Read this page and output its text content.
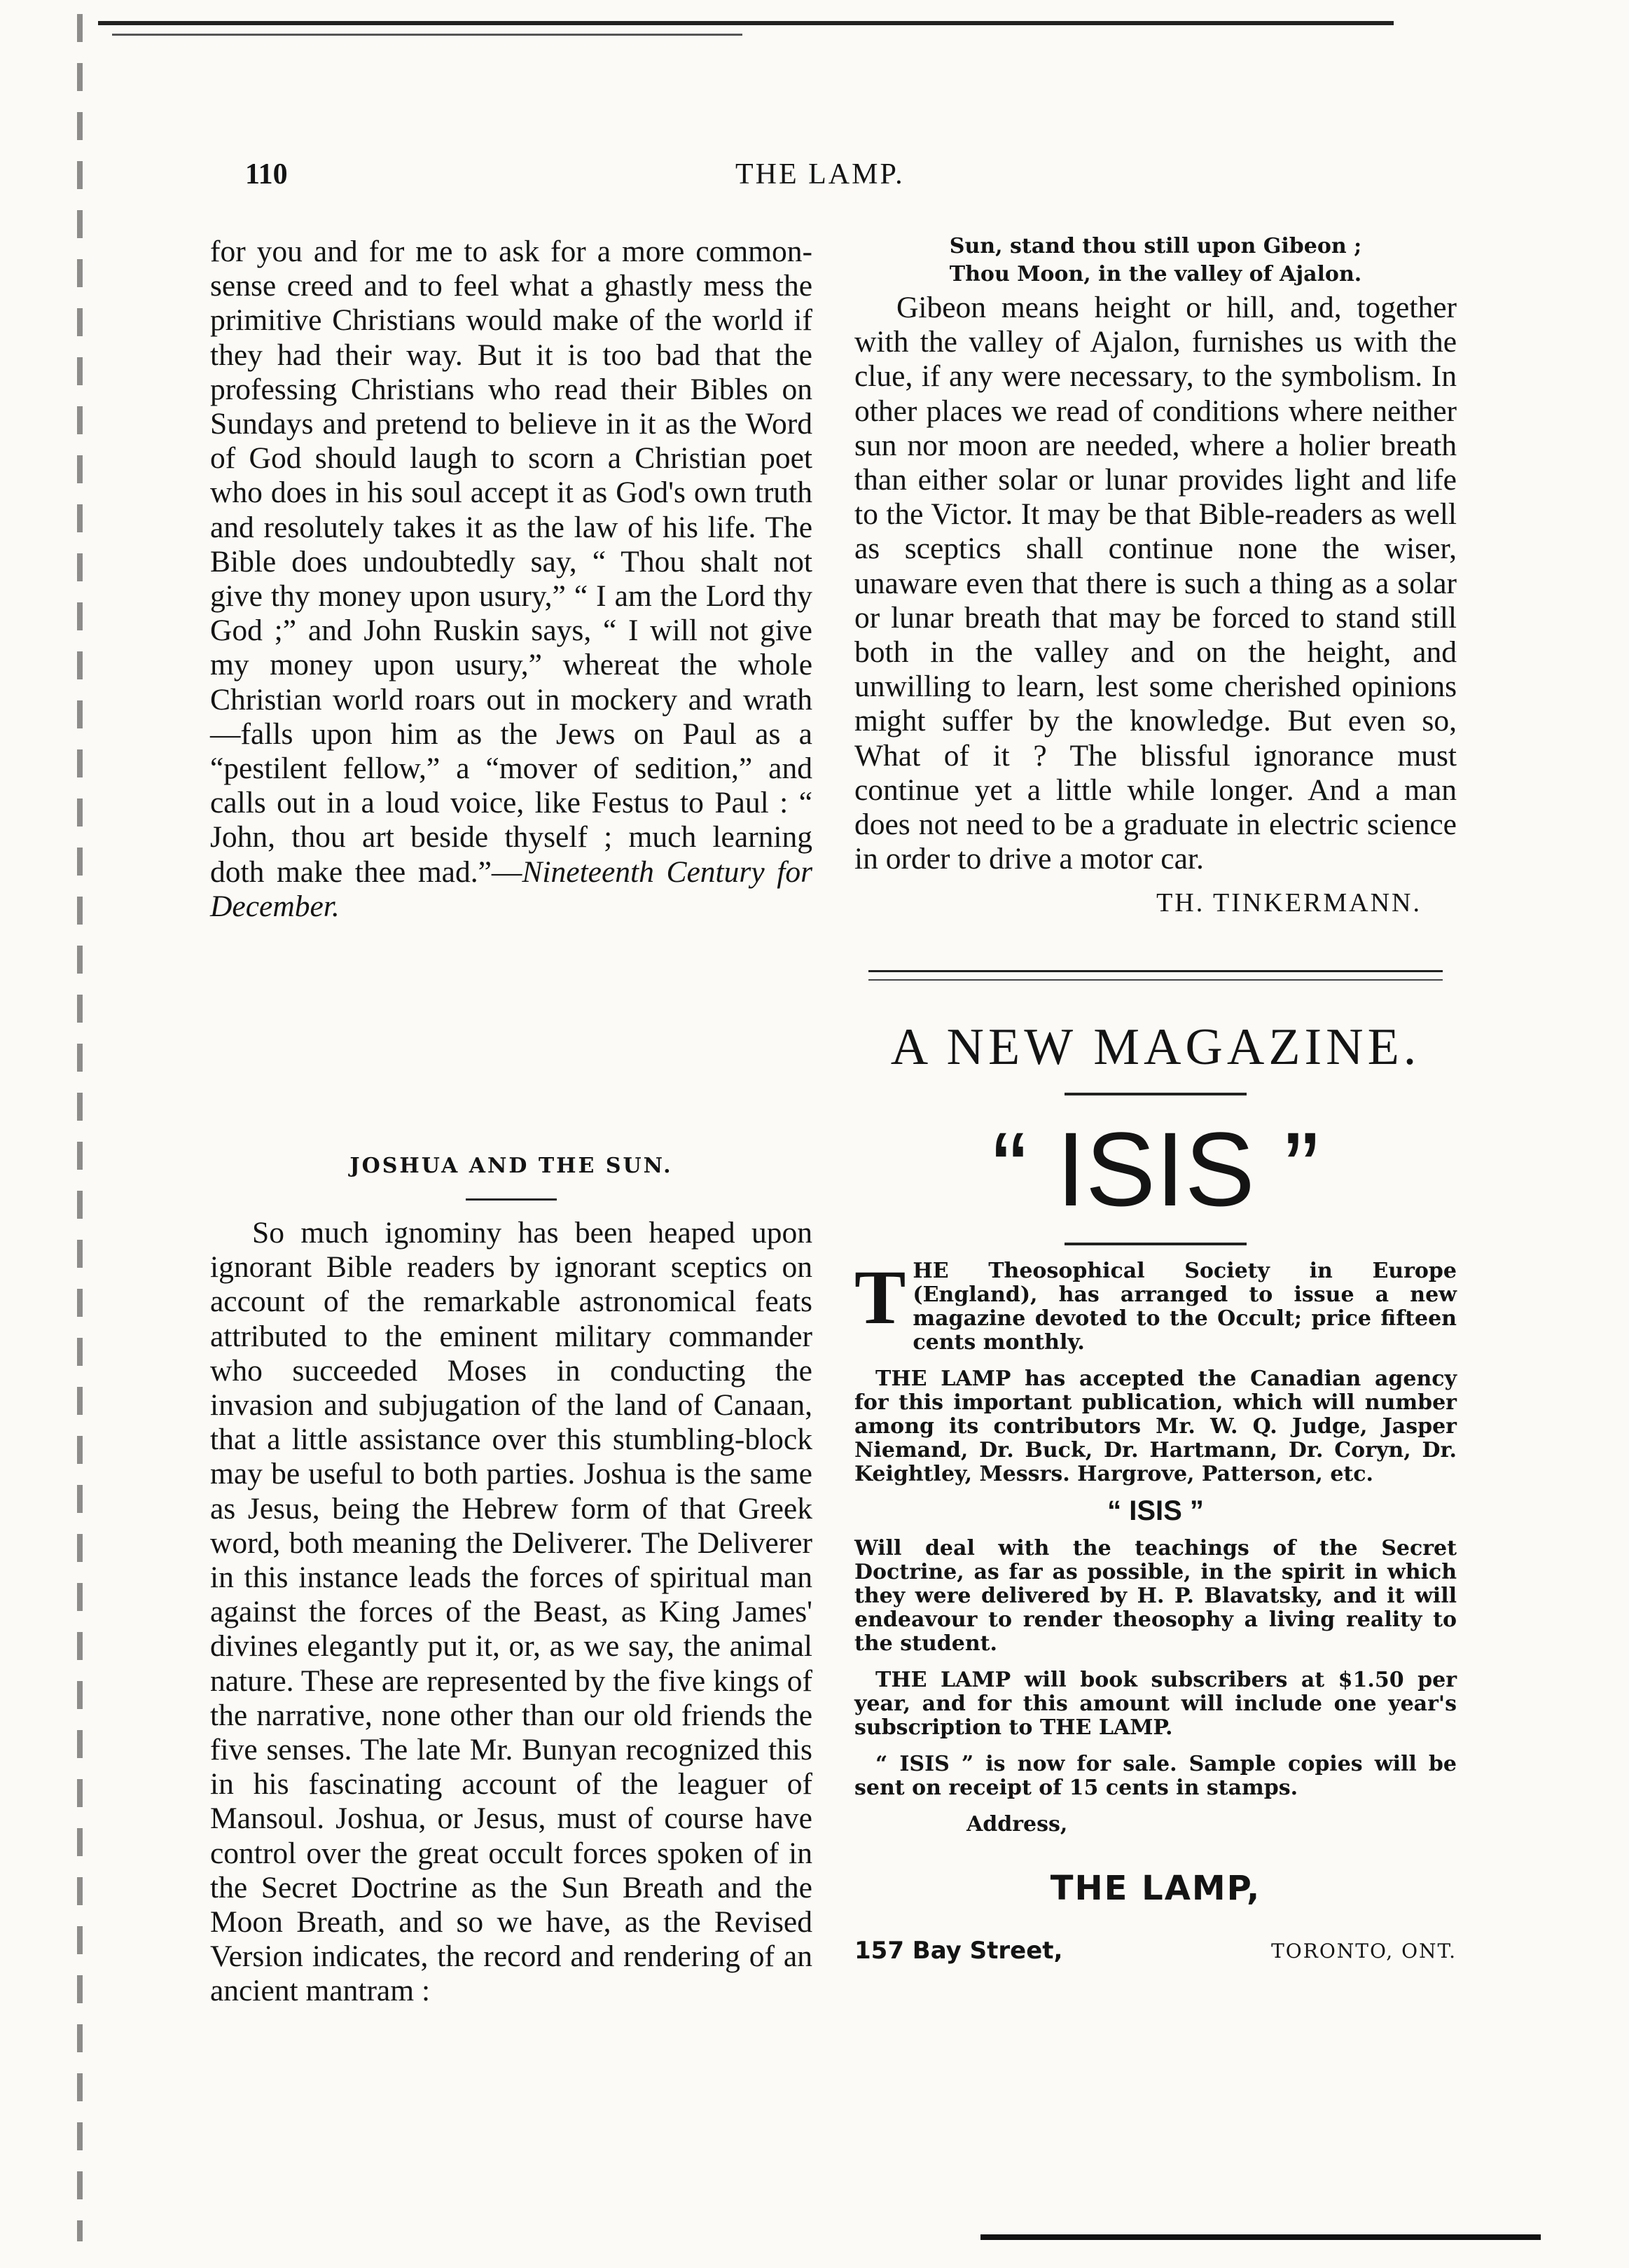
110	THE LAMP.

for you and for me to ask for a more common-sense creed and to feel what a ghastly mess the primitive Christians would make of the world if they had their way. But it is too bad that the professing Christians who read their Bibles on Sundays and pretend to believe in it as the Word of God should laugh to scorn a Christian poet who does in his soul accept it as God's own truth and resolutely takes it as the law of his life. The Bible does undoubtedly say, “ Thou shalt not give thy money upon usury,” “ I am the Lord thy God ;” and John Ruskin says, “ I will not give my money upon usury,” whereat the whole Christian world roars out in mockery and wrath—falls upon him as the Jews on Paul as a “pestilent fellow,” a “mover of sedition,” and calls out in a loud voice, like Festus to Paul : “ John, thou art beside thyself ; much learning doth make thee mad.”—Nineteenth Century for December.

JOSHUA AND THE SUN.

So much ignominy has been heaped upon ignorant Bible readers by ignorant sceptics on account of the remarkable astronomical feats attributed to the eminent military commander who succeeded Moses in conducting the invasion and subjugation of the land of Canaan, that a little assistance over this stumbling-block may be useful to both parties. Joshua is the same as Jesus, being the Hebrew form of that Greek word, both meaning the Deliverer. The Deliverer in this instance leads the forces of spiritual man against the forces of the Beast, as King James' divines elegantly put it, or, as we say, the animal nature. These are represented by the five kings of the narrative, none other than our old friends the five senses. The late Mr. Bunyan recognized this in his fascinating account of the leaguer of Mansoul. Joshua, or Jesus, must of course have control over the great occult forces spoken of in the Secret Doctrine as the Sun Breath and the Moon Breath, and so we have, as the Revised Version indicates, the record and rendering of an ancient mantram :

Sun, stand thou still upon Gibeon ;
Thou Moon, in the valley of Ajalon.

Gibeon means height or hill, and, together with the valley of Ajalon, furnishes us with the clue, if any were necessary, to the symbolism. In other places we read of conditions where neither sun nor moon are needed, where a holier breath than either solar or lunar provides light and life to the Victor. It may be that Bible-readers as well as sceptics shall continue none the wiser, unaware even that there is such a thing as a solar or lunar breath that may be forced to stand still both in the valley and on the height, and unwilling to learn, lest some cherished opinions might suffer by the knowledge. But even so, What of it ? The blissful ignorance must continue yet a little while longer. And a man does not need to be a graduate in electric science in order to drive a motor car.

TH. TINKERMANN.
A NEW MAGAZINE.
“ ISIS ”

THE Theosophical Society in Europe (England), has arranged to issue a new magazine devoted to the Occult; price fifteen cents monthly.

THE LAMP has accepted the Canadian agency for this important publication, which will number among its contributors Mr. W. Q. Judge, Jasper Niemand, Dr. Buck, Dr. Hartmann, Dr. Coryn, Dr. Keightley, Messrs. Hargrove, Patterson, etc.

“ ISIS ”

Will deal with the teachings of the Secret Doctrine, as far as possible, in the spirit in which they were delivered by H. P. Blavatsky, and it will endeavour to render theosophy a living reality to the student.

THE LAMP will book subscribers at $1.50 per year, and for this amount will include one year's subscription to THE LAMP.

“ ISIS ” is now for sale. Sample copies will be sent on receipt of 15 cents in stamps.

Address,

THE LAMP,
157 Bay Street,	TORONTO, ONT.
